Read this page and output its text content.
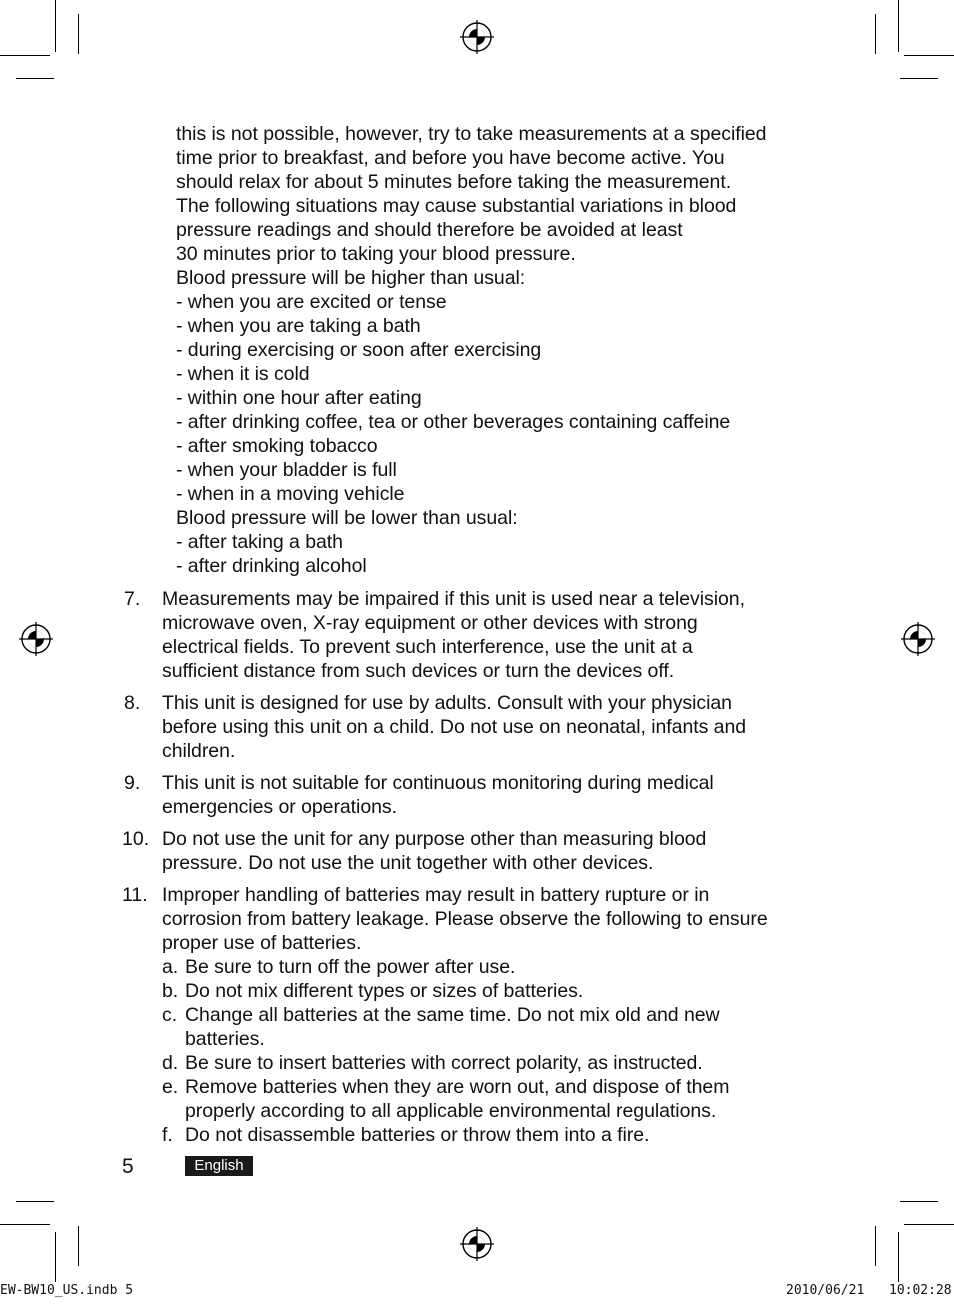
this is not possible, however, try to take measurements at a specified
time prior to breakfast, and before you have become active. You
should relax for about 5 minutes before taking the measurement.
The following situations may cause substantial variations in blood
pressure readings and should therefore be avoided at least
30 minutes prior to taking your blood pressure.
Blood pressure will be higher than usual:
- when you are excited or tense
- when you are taking a bath
- during exercising or soon after exercising
- when it is cold
- within one hour after eating
- after drinking coffee, tea or other beverages containing caffeine
- after smoking tobacco
- when your bladder is full
- when in a moving vehicle
Blood pressure will be lower than usual:
- after taking a bath
- after drinking alcohol
7. Measurements may be impaired if this unit is used near a television,
microwave oven, X-ray equipment or other devices with strong
electrical fields. To prevent such interference, use the unit at a
sufficient distance from such devices or turn the devices off.
8. This unit is designed for use by adults. Consult with your physician
before using this unit on a child. Do not use on neonatal, infants and
children.
9. This unit is not suitable for continuous monitoring during medical
emergencies or operations.
10. Do not use the unit for any purpose other than measuring blood
pressure. Do not use the unit together with other devices.
11. Improper handling of batteries may result in battery rupture or in
corrosion from battery leakage. Please observe the following to ensure
proper use of batteries.
a. Be sure to turn off the power after use.
b. Do not mix different types or sizes of batteries.
c. Change all batteries at the same time. Do not mix old and new
batteries.
d. Be sure to insert batteries with correct polarity, as instructed.
e. Remove batteries when they are worn out, and dispose of them
properly according to all applicable environmental regulations.
f. Do not disassemble batteries or throw them into a fire.
5	English
EW-BW10_US.indb 5	2010/06/21 10:02:28
